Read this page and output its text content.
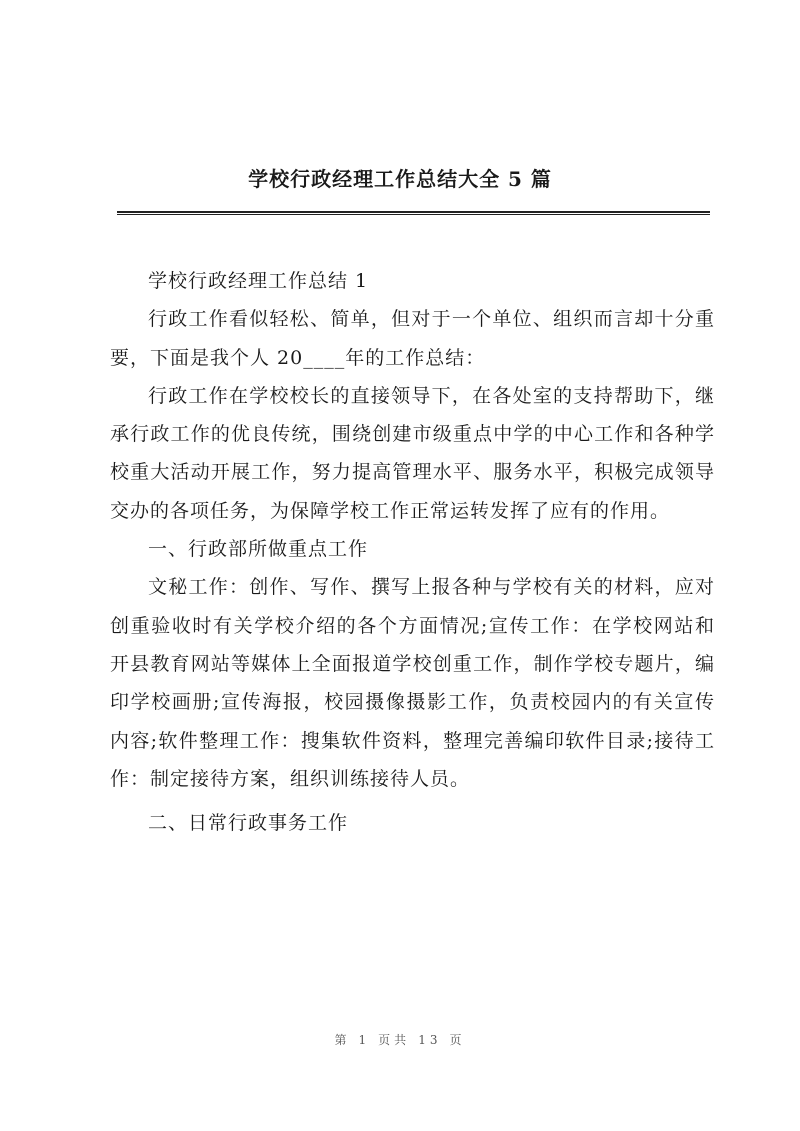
学校行政经理工作总结大全 5 篇

学校行政经理工作总结 1

行政工作看似轻松、简单，但对于一个单位、组织而言却十分重要，下面是我个人 20____年的工作总结：

行政工作在学校校长的直接领导下，在各处室的支持帮助下，继承行政工作的优良传统，围绕创建市级重点中学的中心工作和各种学校重大活动开展工作，努力提高管理水平、服务水平，积极完成领导交办的各项任务，为保障学校工作正常运转发挥了应有的作用。

一、行政部所做重点工作

文秘工作：创作、写作、撰写上报各种与学校有关的材料，应对创重验收时有关学校介绍的各个方面情况;宣传工作：在学校网站和开县教育网站等媒体上全面报道学校创重工作，制作学校专题片，编印学校画册;宣传海报，校园摄像摄影工作，负责校园内的有关宣传内容;软件整理工作：搜集软件资料，整理完善编印软件目录;接待工作：制定接待方案，组织训练接待人员。

二、日常行政事务工作

第 1 页共 13 页
